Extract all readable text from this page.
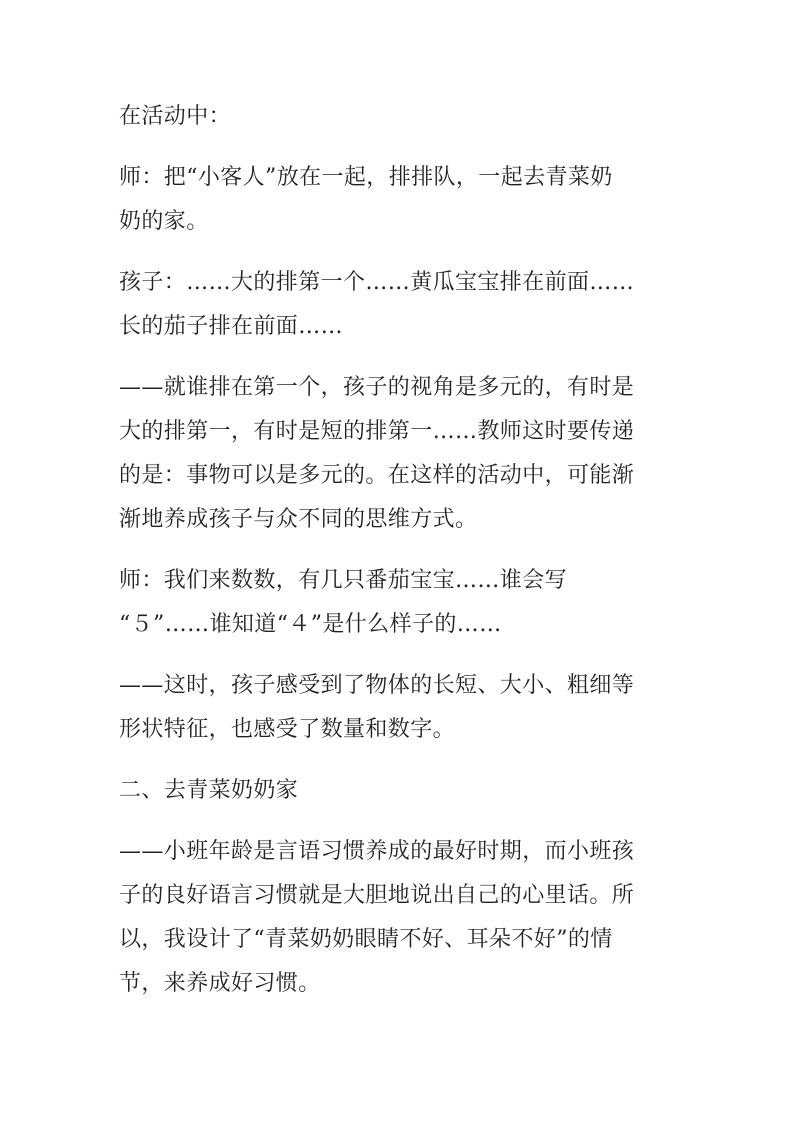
在活动中：

师：把“小客人”放在一起，排排队，一起去青菜奶
奶的家。

孩子：……大的排第一个……黄瓜宝宝排在前面……
长的茄子排在前面……

——就谁排在第一个，孩子的视角是多元的，有时是
大的排第一，有时是短的排第一……教师这时要传递
的是：事物可以是多元的。在这样的活动中，可能渐
渐地养成孩子与众不同的思维方式。

师：我们来数数，有几只番茄宝宝……谁会写
“５”……谁知道“４”是什么样子的……

——这时，孩子感受到了物体的长短、大小、粗细等
形状特征，也感受了数量和数字。

二、去青菜奶奶家

——小班年龄是言语习惯养成的最好时期，而小班孩
子的良好语言习惯就是大胆地说出自己的心里话。所
以，我设计了“青菜奶奶眼睛不好、耳朵不好”的情
节，来养成好习惯。
